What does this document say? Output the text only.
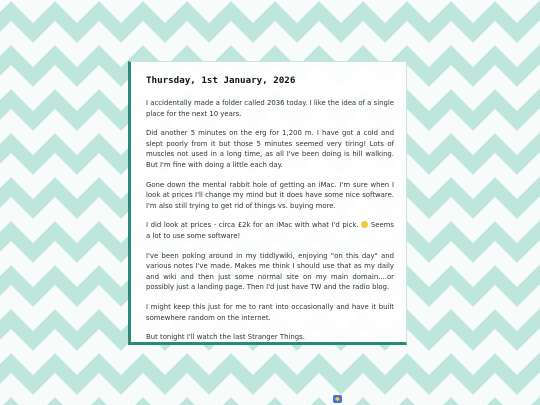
Thursday, 1st January, 2026

I accidentally made a folder called 2036 today. I like the idea of a single place for the next 10 years.

Did another 5 minutes on the erg for 1,200 m. I have got a cold and slept poorly from it but those 5 minutes seemed very tiring! Lots of muscles not used in a long time, as all I've been doing is hill walking. But I'm fine with doing a little each day.

Gone down the mental rabbit hole of getting an iMac. I'm sure when I look at prices I'll change my mind but it does have some nice software. I'm also still trying to get rid of things vs. buying more.

I did look at prices - circa £2k for an iMac with what I'd pick. Seems a lot to use some software!

I've been poking around in my tiddlywiki, enjoying "on this day" and various notes I've made. Makes me think I should use that as my daily and wiki and then just some normal site on my main domain....or possibly just a landing page. Then I'd just have TW and the radio blog.

I might keep this just for me to rant into occasionally and have it built somewhere random on the internet.

But tonight I'll watch the last Stranger Things.
